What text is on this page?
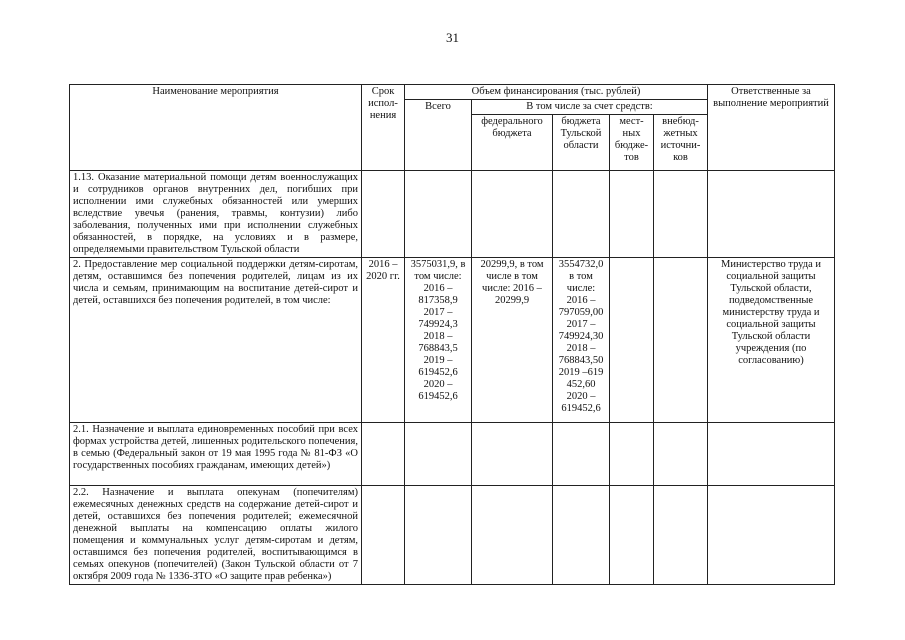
31
Наименование мероприятия	Срок испол-нения	Объем финансирования (тыс. рублей)					Ответственные за выполнение мероприятий
		Всего	В том числе за счет средств:				
			федерального бюджета	бюджета Тульской области	мест-ных бюдже-тов	внебюд-жетных источни-ков	
1.13. Оказание материальной помощи детям военнослужащих и сотрудников органов внутренних дел, погибших при исполнении ими служебных обязанностей или умерших вследствие увечья (ранения, травмы, контузии) либо заболевания, полученных ими при исполнении служебных обязанностей, в порядке, на условиях и в размере, определяемыми правительством Тульской области							
2. Предоставление мер социальной поддержки детям-сиротам, детям, оставшимся без попечения родителей, лицам из их числа и семьям, принимающим на воспитание детей-сирот и детей, оставшихся без попечения родителей, в том числе:	2016 – 2020 гг.	3575031,9, в том числе: 2016 – 817358,9 2017 – 749924,3 2018 – 768843,5 2019 – 619452,6 2020 – 619452,6	20299,9, в том числе в том числе: 2016 – 20299,9	3554732,0 в том числе: 2016 – 797059,00 2017 – 749924,30 2018 – 768843,50 2019 –619 452,60 2020 – 619452,6			Министерство труда и социальной защиты Тульской области, подведомственные министерству труда и социальной защиты Тульской области учреждения (по согласованию)
2.1. Назначение и выплата единовременных пособий при всех формах устройства детей, лишенных родительского попечения, в семью (Федеральный закон от 19 мая 1995 года № 81-ФЗ «О государственных пособиях гражданам, имеющих детей»)							
2.2. Назначение и выплата опекунам (попечителям) ежемесячных денежных средств на содержание детей-сирот и детей, оставшихся без попечения родителей; ежемесячной денежной выплаты на компенсацию оплаты жилого помещения и коммунальных услуг детям-сиротам и детям, оставшимся без попечения родителей, воспитывающимся в семьях опекунов (попечителей) (Закон Тульской области от 7 октября 2009 года № 1336-ЗТО «О защите прав ребенка»)							
